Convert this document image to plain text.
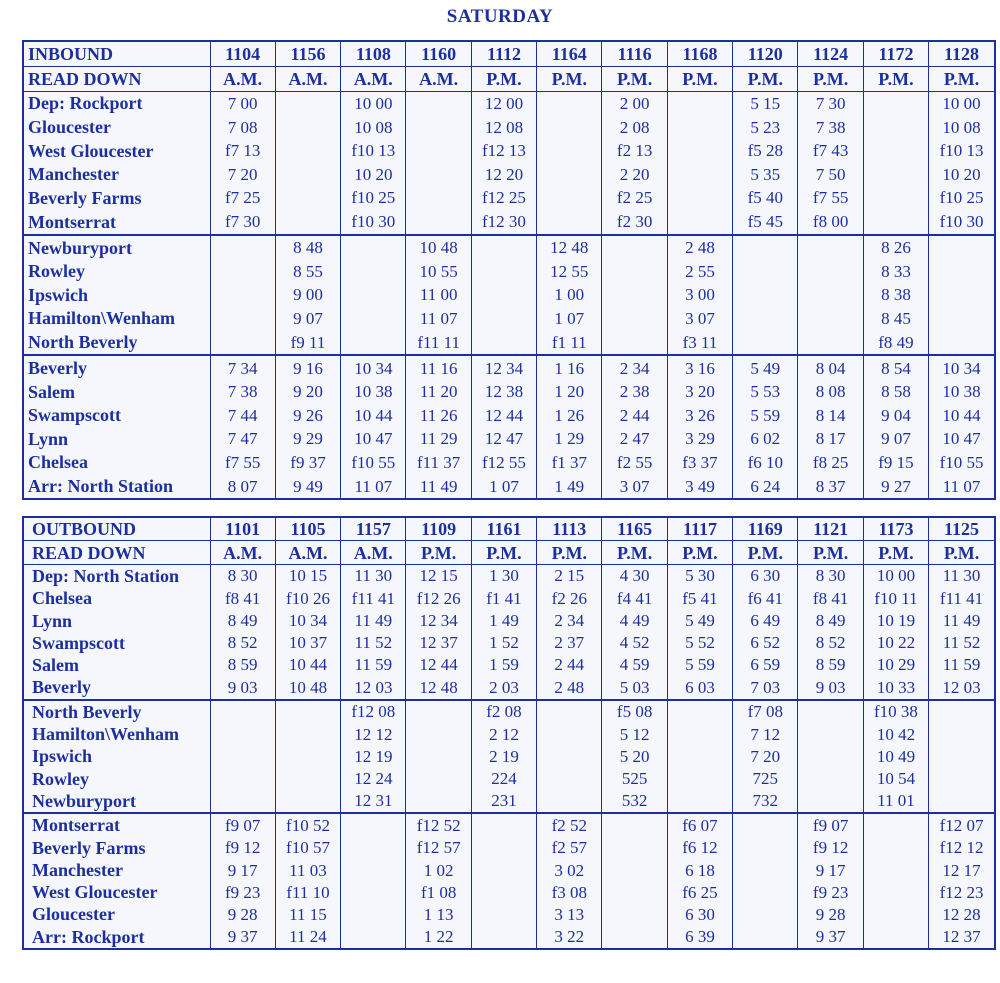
SATURDAY
INBOUND	1104	1156	1108	1160	1112	1164	1116	1168	1120	1124	1172	1128
READ DOWN	A.M.	A.M.	A.M.	A.M.	P.M.	P.M.	P.M.	P.M.	P.M.	P.M.	P.M.	P.M.
Dep: Rockport	7 00		10 00		12 00		2 00		5 15	7 30		10 00
Gloucester	7 08		10 08		12 08		2 08		5 23	7 38		10 08
West Gloucester	f7 13		f10 13		f12 13		f2 13		f5 28	f7 43		f10 13
Manchester	7 20		10 20		12 20		2 20		5 35	7 50		10 20
Beverly Farms	f7 25		f10 25		f12 25		f2 25		f5 40	f7 55		f10 25
Montserrat	f7 30		f10 30		f12 30		f2 30		f5 45	f8 00		f10 30
Newburyport		8 48		10 48		12 48		2 48			8 26	
Rowley		8 55		10 55		12 55		2 55			8 33	
Ipswich		9 00		11 00		1 00		3 00			8 38	
Hamilton\Wenham		9 07		11 07		1 07		3 07			8 45	
North Beverly		f9 11		f11 11		f1 11		f3 11			f8 49	
Beverly	7 34	9 16	10 34	11 16	12 34	1 16	2 34	3 16	5 49	8 04	8 54	10 34
Salem	7 38	9 20	10 38	11 20	12 38	1 20	2 38	3 20	5 53	8 08	8 58	10 38
Swampscott	7 44	9 26	10 44	11 26	12 44	1 26	2 44	3 26	5 59	8 14	9 04	10 44
Lynn	7 47	9 29	10 47	11 29	12 47	1 29	2 47	3 29	6 02	8 17	9 07	10 47
Chelsea	f7 55	f9 37	f10 55	f11 37	f12 55	f1 37	f2 55	f3 37	f6 10	f8 25	f9 15	f10 55
Arr: North Station	8 07	9 49	11 07	11 49	1 07	1 49	3 07	3 49	6 24	8 37	9 27	11 07
OUTBOUND	1101	1105	1157	1109	1161	1113	1165	1117	1169	1121	1173	1125
READ DOWN	A.M.	A.M.	A.M.	P.M.	P.M.	P.M.	P.M.	P.M.	P.M.	P.M.	P.M.	P.M.
Dep: North Station	8 30	10 15	11 30	12 15	1 30	2 15	4 30	5 30	6 30	8 30	10 00	11 30
Chelsea	f8 41	f10 26	f11 41	f12 26	f1 41	f2 26	f4 41	f5 41	f6 41	f8 41	f10 11	f11 41
Lynn	8 49	10 34	11 49	12 34	1 49	2 34	4 49	5 49	6 49	8 49	10 19	11 49
Swampscott	8 52	10 37	11 52	12 37	1 52	2 37	4 52	5 52	6 52	8 52	10 22	11 52
Salem	8 59	10 44	11 59	12 44	1 59	2 44	4 59	5 59	6 59	8 59	10 29	11 59
Beverly	9 03	10 48	12 03	12 48	2 03	2 48	5 03	6 03	7 03	9 03	10 33	12 03
North Beverly			f12 08		f2 08		f5 08		f7 08		f10 38	
Hamilton\Wenham			12 12		2 12		5 12		7 12		10 42	
Ipswich			12 19		2 19		5 20		7 20		10 49	
Rowley			12 24		224		525		725		10 54	
Newburyport			12 31		231		532		732		11 01	
Montserrat	f9 07	f10 52		f12 52		f2 52		f6 07		f9 07		f12 07
Beverly Farms	f9 12	f10 57		f12 57		f2 57		f6 12		f9 12		f12 12
Manchester	9 17	11 03		1 02		3 02		6 18		9 17		12 17
West Gloucester	f9 23	f11 10		f1 08		f3 08		f6 25		f9 23		f12 23
Gloucester	9 28	11 15		1 13		3 13		6 30		9 28		12 28
Arr: Rockport	9 37	11 24		1 22		3 22		6 39		9 37		12 37
